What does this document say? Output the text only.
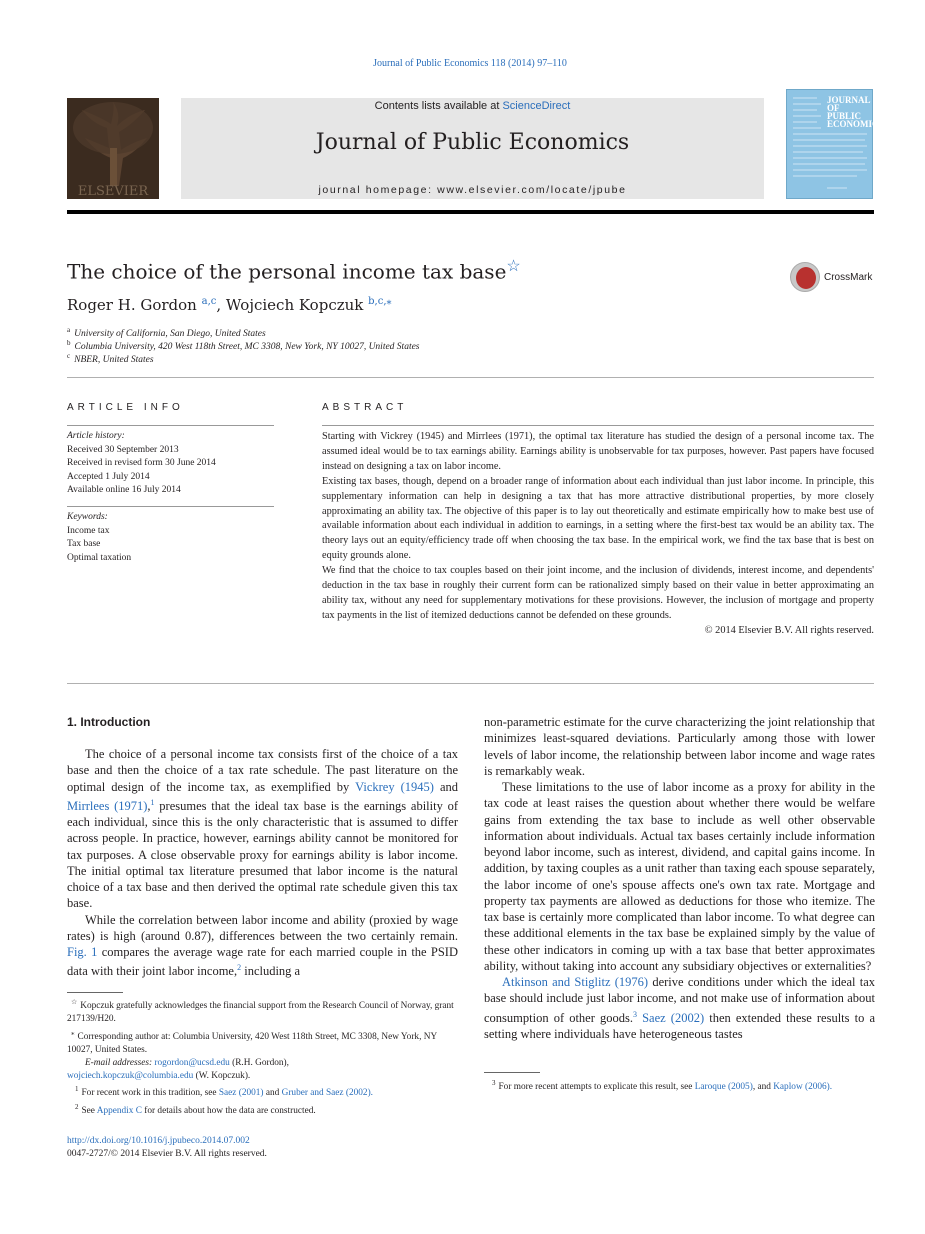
Journal of Public Economics 118 (2014) 97–110
ELSEVIER
Contents lists available at ScienceDirect
Journal of Public Economics
journal homepage: www.elsevier.com/locate/jpube
JOURNAL OF PUBLIC ECONOMICS
The choice of the personal income tax base☆
CrossMark
Roger H. Gordon $^{a,c}$, Wojciech Kopczuk $^{b,c,⁎}$
$^a$ University of California, San Diego, United States
$^b$ Columbia University, 420 West 118th Street, MC 3308, New York, NY 10027, United States
$^c$ NBER, United States
ARTICLE INFO
Article history:
Received 30 September 2013
Received in revised form 30 June 2014
Accepted 1 July 2014
Available online 16 July 2014
Keywords:
Income tax
Tax base
Optimal taxation
ABSTRACT

Starting with Vickrey (1945) and Mirrlees (1971), the optimal tax literature has studied the design of a personal income tax. The assumed ideal would be to tax earnings ability. Earnings ability is unobservable for tax purposes, however. Past papers have focused instead on designing a tax on labor income.

Existing tax bases, though, depend on a broader range of information about each individual than just labor income. In principle, this supplementary information can help in designing a tax that has more attractive distributional properties, by more closely approximating an ability tax. The objective of this paper is to lay out theoretically and estimate empirically how to make best use of available information about each individual in addition to earnings, in a setting where the first-best tax would be an ability tax. The theory lays out an equity/efficiency trade off when choosing the tax base. In the empirical work, we find the tax base that is best on equity grounds alone.

We find that the choice to tax couples based on their joint income, and the inclusion of dividends, interest income, and dependents' deduction in the tax base in roughly their current form can be rationalized simply based on their value in better approximating an ability tax, without any need for supplementary motivations for these provisions. However, the inclusion of mortgage and property tax payments in the list of itemized deductions cannot be defended on these grounds.

© 2014 Elsevier B.V. All rights reserved.

1. Introduction

The choice of a personal income tax consists first of the choice of a tax base and then the choice of a tax rate schedule. The past literature on the optimal design of the income tax, as exemplified by Vickrey (1945) and Mirrlees (1971),$^1$ presumes that the ideal tax base is the earnings ability of each individual, since this is the only characteristic that is assumed to differ across people. In practice, however, earnings ability cannot be monitored for tax purposes. A close observable proxy for earnings ability is labor income. The initial optimal tax literature presumed that labor income is the natural choice of a tax base and then derived the optimal rate schedule given this tax base.

While the correlation between labor income and ability (proxied by wage rates) is high (around 0.87), differences between the two certainly remain. Fig. 1 compares the average wage rate for each married couple in the PSID data with their joint labor income,$^2$ including a

non-parametric estimate for the curve characterizing the joint relationship that minimizes least-squared deviations. Particularly among those with lower levels of labor income, the relationship between labor income and wage rates is remarkably weak.

These limitations to the use of labor income as a proxy for ability in the tax code at least raises the question about whether there would be welfare gains from extending the tax base to include as well other observable information about individuals. Actual tax bases certainly include information beyond labor income, such as interest, dividend, and capital gains income. In addition, by taxing couples as a unit rather than taxing each spouse separately, the labor income of one's spouse affects one's own tax rate. Mortgage and property tax payments are allowed as deductions for those who itemize. The tax base is certainly more complicated than labor income. To what degree can these additional elements in the tax base be explained simply by the value of these other indicators in coming up with a tax base that better approximates ability, without taking into account any subsidiary objectives or externalities?

Atkinson and Stiglitz (1976) derive conditions under which the ideal tax base should include just labor income, and not make use of information about consumption of other goods.$^3$ Saez (2002) then extended these results to a setting where individuals have heterogeneous tastes

☆ Kopczuk gratefully acknowledges the financial support from the Research Council of Norway, grant 217139/H20.

⁎ Corresponding author at: Columbia University, 420 West 118th Street, MC 3308, New York, NY 10027, United States.

E-mail addresses: rogordon@ucsd.edu (R.H. Gordon),
wojciech.kopczuk@columbia.edu (W. Kopczuk).

$^1$ For recent work in this tradition, see Saez (2001) and Gruber and Saez (2002).

$^2$ See Appendix C for details about how the data are constructed.

$^3$ For more recent attempts to explicate this result, see Laroque (2005), and Kaplow (2006).

http://dx.doi.org/10.1016/j.jpubeco.2014.07.002
0047-2727/© 2014 Elsevier B.V. All rights reserved.
